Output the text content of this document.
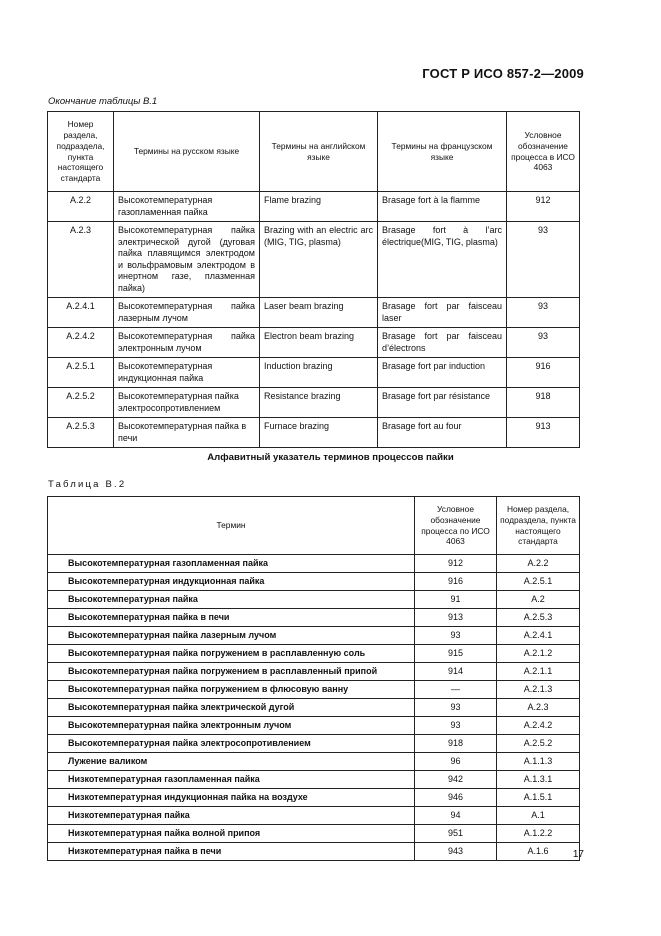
ГОСТ Р ИСО 857-2—2009
Окончание таблицы В.1
Номер раздела, подраздела, пункта настоящего стандарта	Термины на русском языке	Термины на английском языке	Термины на французском языке	Условное обозначение процесса в ИСО 4063
A.2.2	Высокотемпературная газопламенная пайка	Flame brazing	Brasage fort à la flamme	912
A.2.3	Высокотемпературная пайка электрической дугой (дуговая пайка плавящимся электродом и вольфрамовым электродом в инертном газе, плазменная пайка)	Brazing with an electric arc (MIG, TIG, plasma)	Brasage fort à l’arc électrique(MIG, TIG, plasma)	93
A.2.4.1	Высокотемпературная пайка лазерным лучом	Laser beam brazing	Brasage fort par faisceau laser	93
A.2.4.2	Высокотемпературная пайка электронным лучом	Electron beam brazing	Brasage fort par faisceau d’électrons	93
A.2.5.1	Высокотемпературная индукционная пайка	Induction brazing	Brasage fort par induction	916
A.2.5.2	Высокотемпературная пайка электросопротивлением	Resistance brazing	Brasage fort par résistance	918
A.2.5.3	Высокотемпературная пайка в печи	Furnace brazing	Brasage fort au four	913
Алфавитный указатель терминов процессов пайки
Таблица В.2
Термин	Условное обозначение процесса по ИСО 4063	Номер раздела, подраздела, пункта настоящего стандарта
Высокотемпературная газопламенная пайка	912	A.2.2
Высокотемпературная индукционная пайка	916	A.2.5.1
Высокотемпературная пайка	91	A.2
Высокотемпературная пайка в печи	913	A.2.5.3
Высокотемпературная пайка лазерным лучом	93	A.2.4.1
Высокотемпературная пайка погружением в расплавленную соль	915	A.2.1.2
Высокотемпературная пайка погружением в расплавленный припой	914	A.2.1.1
Высокотемпературная пайка погружением в флюсовую ванну	—	A.2.1.3
Высокотемпературная пайка электрической дугой	93	A.2.3
Высокотемпературная пайка электронным лучом	93	A.2.4.2
Высокотемпературная пайка электросопротивлением	918	A.2.5.2
Лужение валиком	96	A.1.1.3
Низкотемпературная газопламенная пайка	942	A.1.3.1
Низкотемпературная индукционная пайка на воздухе	946	A.1.5.1
Низкотемпературная пайка	94	A.1
Низкотемпературная пайка волной припоя	951	A.1.2.2
Низкотемпературная пайка в печи	943	A.1.6 17
